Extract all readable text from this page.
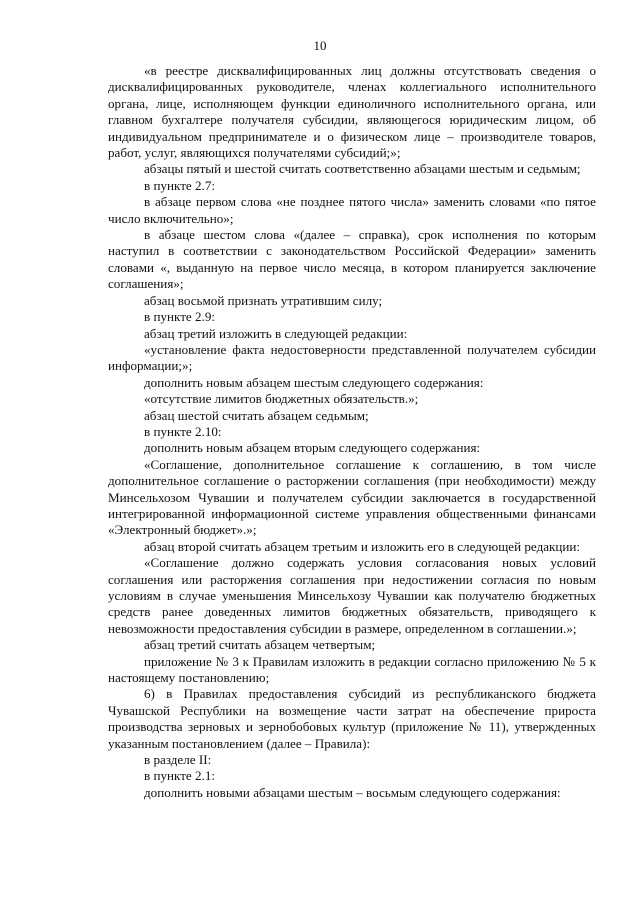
10

«в реестре дисквалифицированных лиц должны отсутствовать сведения о дисквалифицированных руководителе, членах коллегиального исполнительного органа, лице, исполняющем функции единоличного исполнительного органа, или главном бухгалтере получателя субсидии, являющегося юридическим лицом, об индивидуальном предпринимателе и о физическом лице – производителе товаров, работ, услуг, являющихся получателями субсидий;»;

абзацы пятый и шестой считать соответственно абзацами шестым и седьмым;

в пункте 2.7:

в абзаце первом слова «не позднее пятого числа» заменить словами «по пятое число включительно»;

в абзаце шестом слова «(далее – справка), срок исполнения по которым наступил в соответствии с законодательством Российской Федерации» заменить словами «, выданную на первое число месяца, в котором планируется заключение соглашения»;

абзац восьмой признать утратившим силу;

в пункте 2.9:

абзац третий изложить в следующей редакции:

«установление факта недостоверности представленной получателем субсидии информации;»;

дополнить новым абзацем шестым следующего содержания:

«отсутствие лимитов бюджетных обязательств.»;

абзац шестой считать абзацем седьмым;

в пункте 2.10:

дополнить новым абзацем вторым следующего содержания:

«Соглашение, дополнительное соглашение к соглашению, в том числе дополнительное соглашение о расторжении соглашения (при необходимости) между Минсельхозом Чувашии и получателем субсидии заключается в государственной интегрированной информационной системе управления общественными финансами «Электронный бюджет».»;

абзац второй считать абзацем третьим и изложить его в следующей редакции:

«Соглашение должно содержать условия согласования новых условий соглашения или расторжения соглашения при недостижении согласия по новым условиям в случае уменьшения Минсельхозу Чувашии как получателю бюджетных средств ранее доведенных лимитов бюджетных обязательств, приводящего к невозможности предоставления субсидии в размере, определенном в соглашении.»;

абзац третий считать абзацем четвертым;

приложение № 3 к Правилам изложить в редакции согласно приложению № 5 к настоящему постановлению;

6) в Правилах предоставления субсидий из республиканского бюджета Чувашской Республики на возмещение части затрат на обеспечение прироста производства зерновых и зернобобовых культур (приложение № 11), утвержденных указанным постановлением (далее – Правила):

в разделе II:

в пункте 2.1:

дополнить новыми абзацами шестым – восьмым следующего содержания:
